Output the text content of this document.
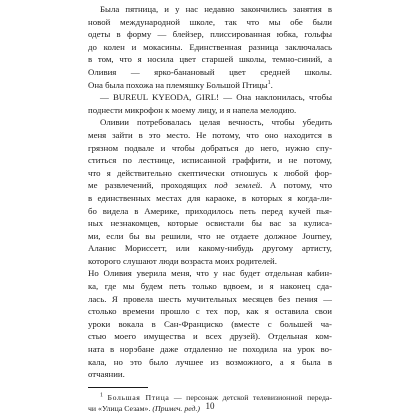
Была пятница, и у нас недавно закончились занятия в
новой международной школе, так что мы обе были
одеты в форму — блейзер, плиссированная юбка, гольфы
до колен и мокасины. Единственная разница заключалась
в том, что я носила цвет старшей школы, темно-синий, а
Оливия — ярко-банановый цвет средней школы.
Она была похожа на племяшку Большой Птицы$^1$.
— BUREUL KYEODA, GIRL! — Она наклонилась, чтобы
поднести микрофон к моему лицу, и я напела мелодию.
Оливии потребовалась целая вечность, чтобы убедить
меня зайти в это место. Не потому, что оно находится в
грязном подвале и чтобы добраться до него, нужно спу-
ститься по лестнице, исписанной граффити, и не потому,
что я действительно скептически отношусь к любой фор-
ме развлечений, проходящих под землей. А потому, что
в единственных местах для караоке, в которых я когда-ли-
бо видела в Америке, приходилось петь перед кучей пья-
ных незнакомцев, которые освистали бы вас за кулиса-
ми, если бы вы решили, что не отдаете должное Journey,
Аланис Мориссетт, или какому-нибудь другому артисту,
которого слушают люди возраста моих родителей.
Но Оливия уверила меня, что у нас будет отдельная кабин-
ка, где мы будем петь только вдвоем, и я наконец сда-
лась. Я провела шесть мучительных месяцев без пения —
столько времени прошло с тех пор, как я оставила свои
уроки вокала в Сан-Франциско (вместе с большей ча-
стью моего имущества и всех друзей). Отдельная ком-
ната в норэбане даже отдаленно не походила на урок во-
кала, но это было лучшее из возможного, а я была в
отчаянии.
$^1$ Большая Птица — персонаж детской телевизионной переда-
чи «Улица Сезам». (Примеч. ред.) 10
